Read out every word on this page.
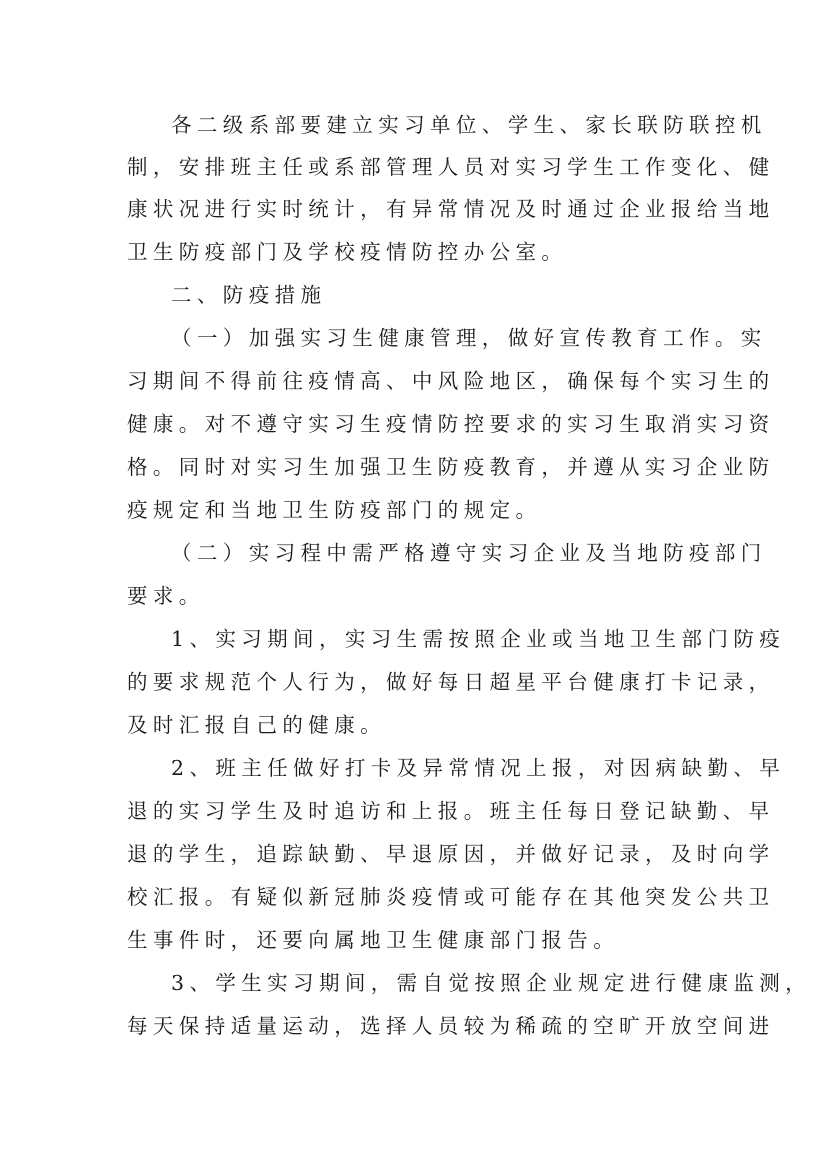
各二级系部要建立实习单位、学生、家长联防联控机
制，安排班主任或系部管理人员对实习学生工作变化、健
康状况进行实时统计，有异常情况及时通过企业报给当地
卫生防疫部门及学校疫情防控办公室。
二、防疫措施
（一）加强实习生健康管理，做好宣传教育工作。实
习期间不得前往疫情高、中风险地区，确保每个实习生的
健康。对不遵守实习生疫情防控要求的实习生取消实习资
格。同时对实习生加强卫生防疫教育，并遵从实习企业防
疫规定和当地卫生防疫部门的规定。
（二）实习程中需严格遵守实习企业及当地防疫部门
要求。
1、实习期间，实习生需按照企业或当地卫生部门防疫
的要求规范个人行为，做好每日超星平台健康打卡记录，
及时汇报自己的健康。
2、班主任做好打卡及异常情况上报，对因病缺勤、早
退的实习学生及时追访和上报。班主任每日登记缺勤、早
退的学生，追踪缺勤、早退原因，并做好记录，及时向学
校汇报。有疑似新冠肺炎疫情或可能存在其他突发公共卫
生事件时，还要向属地卫生健康部门报告。
3、学生实习期间，需自觉按照企业规定进行健康监测，
每天保持适量运动，选择人员较为稀疏的空旷开放空间进
